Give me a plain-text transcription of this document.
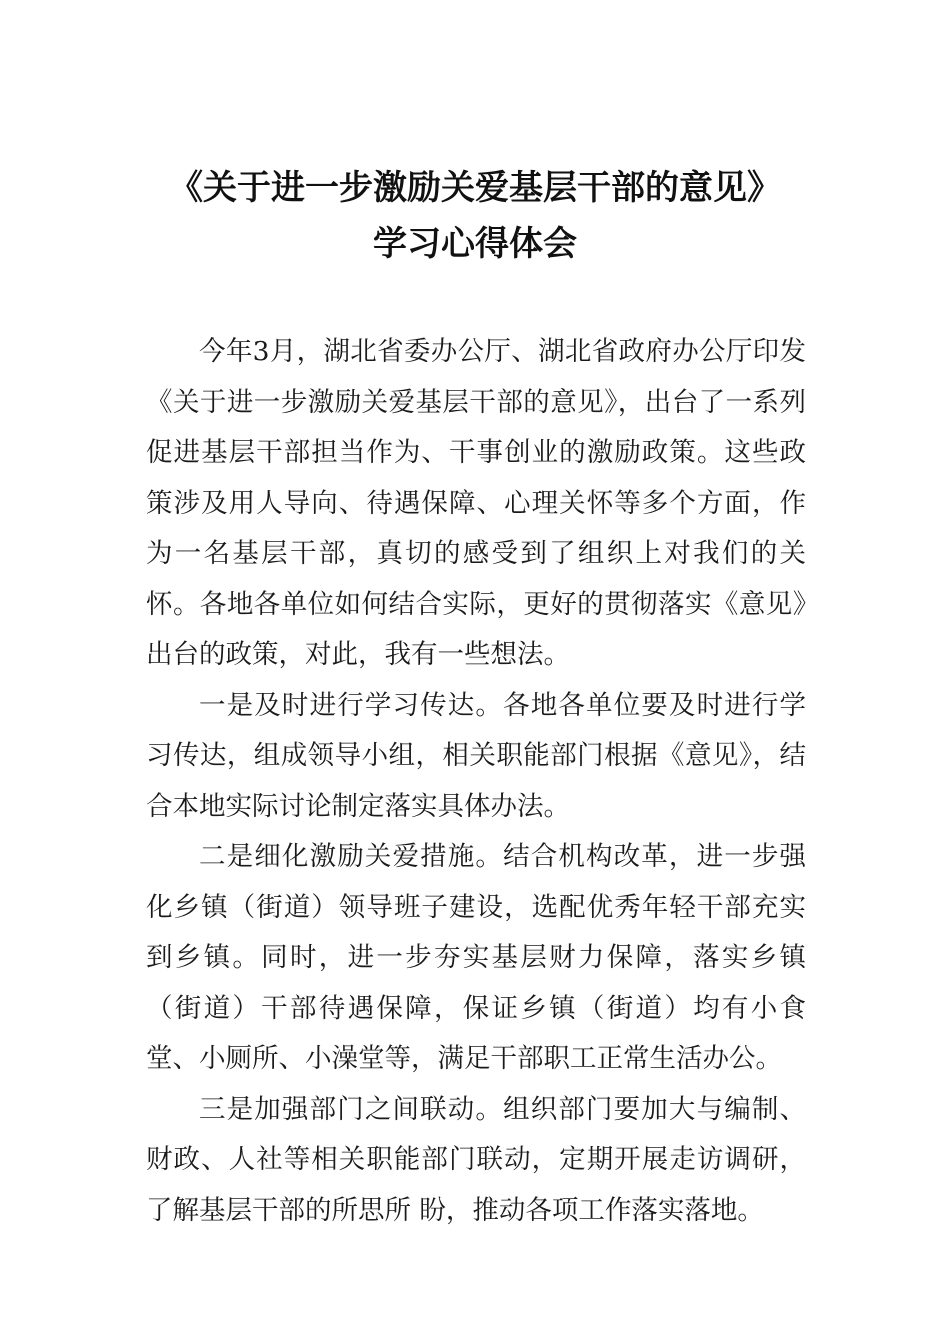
《关于进一步激励关爱基层干部的意见》
学习心得体会

今年3月，湖北省委办公厅、湖北省政府办公厅印发《关于进一步激励关爱基层干部的意见》，出台了一系列促进基层干部担当作为、干事创业的激励政策。这些政策涉及用人导向、待遇保障、心理关怀等多个方面，作为一名基层干部，真切的感受到了组织上对我们的关怀。各地各单位如何结合实际，更好的贯彻落实《意见》出台的政策，对此，我有一些想法。

一是及时进行学习传达。各地各单位要及时进行学习传达，组成领导小组，相关职能部门根据《意见》，结合本地实际讨论制定落实具体办法。

二是细化激励关爱措施。结合机构改革，进一步强化乡镇（街道）领导班子建设，选配优秀年轻干部充实到乡镇。同时，进一步夯实基层财力保障，落实乡镇（街道）干部待遇保障，保证乡镇（街道）均有小食堂、小厕所、小澡堂等，满足干部职工正常生活办公。

三是加强部门之间联动。组织部门要加大与编制、财政、人社等相关职能部门联动，定期开展走访调研，了解基层干部的所思所 盼，推动各项工作落实落地。
